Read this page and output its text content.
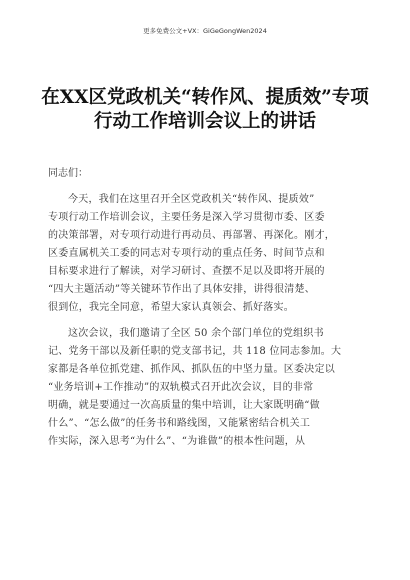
更多免费公文+VX：GiGeGongWen2024
在XX区党政机关“转作风、提质效”专项
行动工作培训会议上的讲话

同志们：

今天，我们在这里召开全区党政机关“转作风、提质效”
专项行动工作培训会议，主要任务是深入学习贯彻市委、区委
的决策部署，对专项行动进行再动员、再部署、再深化。刚才，
区委直属机关工委的同志对专项行动的重点任务、时间节点和
目标要求进行了解读，对学习研讨、查摆不足以及即将开展的
“四大主题活动”等关键环节作出了具体安排，讲得很清楚、
很到位，我完全同意，希望大家认真领会、抓好落实。

这次会议，我们邀请了全区 50 余个部门单位的党组织书
记、党务干部以及新任职的党支部书记，共 118 位同志参加。大
家都是各单位抓党建、抓作风、抓队伍的中坚力量。区委决定以
“业务培训+工作推动”的双轨模式召开此次会议，目的非常
明确，就是要通过一次高质量的集中培训，让大家既明确“做
什么”、“怎么做”的任务书和路线图，又能紧密结合机关工
作实际，深入思考“为什么”、“为谁做”的根本性问题，从
